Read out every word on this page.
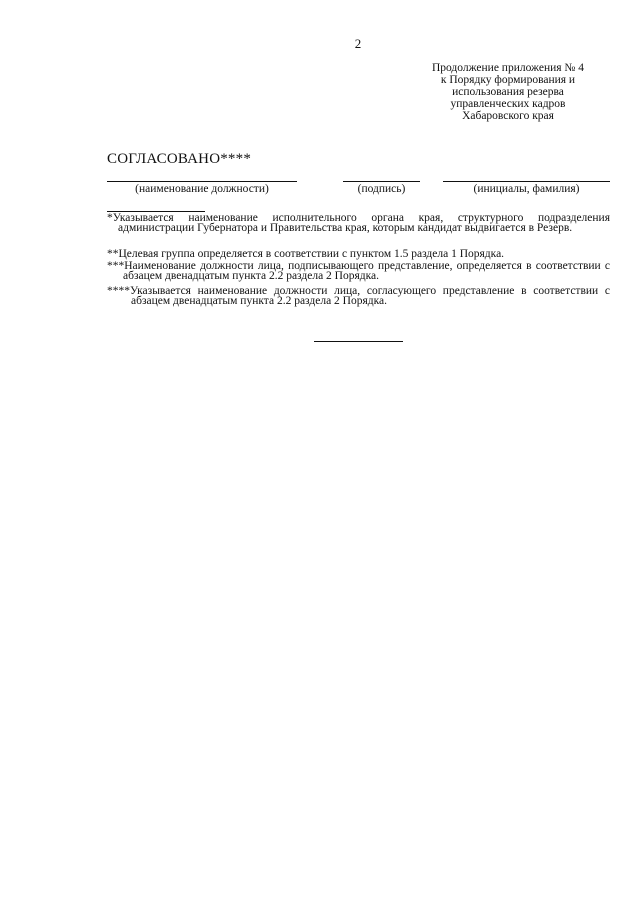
2
Продолжение приложения № 4
к Порядку формирования и
использования резерва
управленческих кадров
Хабаровского края
СОГЛАСОВАНО****
(наименование должности)	(подпись)	(инициалы, фамилия)

*Указывается наименование исполнительного органа края, структурного подразделения администрации Губернатора и Правительства края, которым кандидат выдвигается в Резерв.

**Целевая группа определяется в соответствии с пунктом 1.5 раздела 1 Порядка.

***Наименование должности лица, подписывающего представление, определяется в соответствии с абзацем двенадцатым пункта 2.2 раздела 2 Порядка.

****Указывается наименование должности лица, согласующего представление в соответствии с абзацем двенадцатым пункта 2.2 раздела 2 Порядка.
